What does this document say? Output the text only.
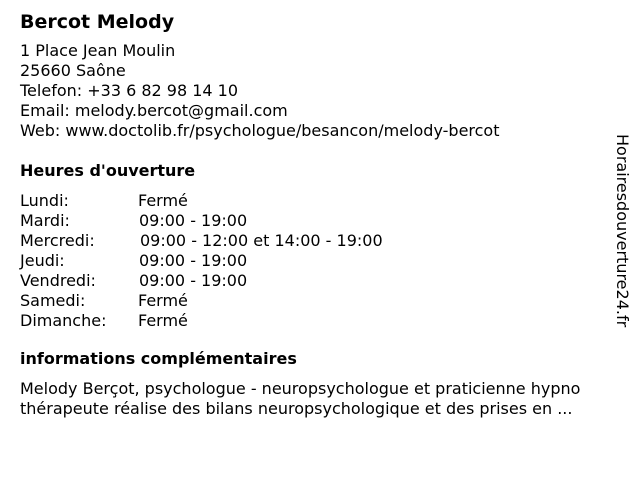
Bercot Melody
1 Place Jean Moulin
25660 Saône
Telefon: +33 6 82 98 14 10
Email: melody.bercot@gmail.com
Web: www.doctolib.fr/psychologue/besancon/melody-bercot
Heures d'ouverture
Lundi:	Fermé
Mardi:	09:00 - 19:00
Mercredi:	09:00 - 12:00 et 14:00 - 19:00
Jeudi:	09:00 - 19:00
Vendredi:	09:00 - 19:00
Samedi:	Fermé
Dimanche: Fermé
informations complémentaires
Melody Berçot, psychologue - neuropsychologue et praticienne hypno
thérapeute réalise des bilans neuropsychologique et des prises en ...
Horairesdouverture24.fr
